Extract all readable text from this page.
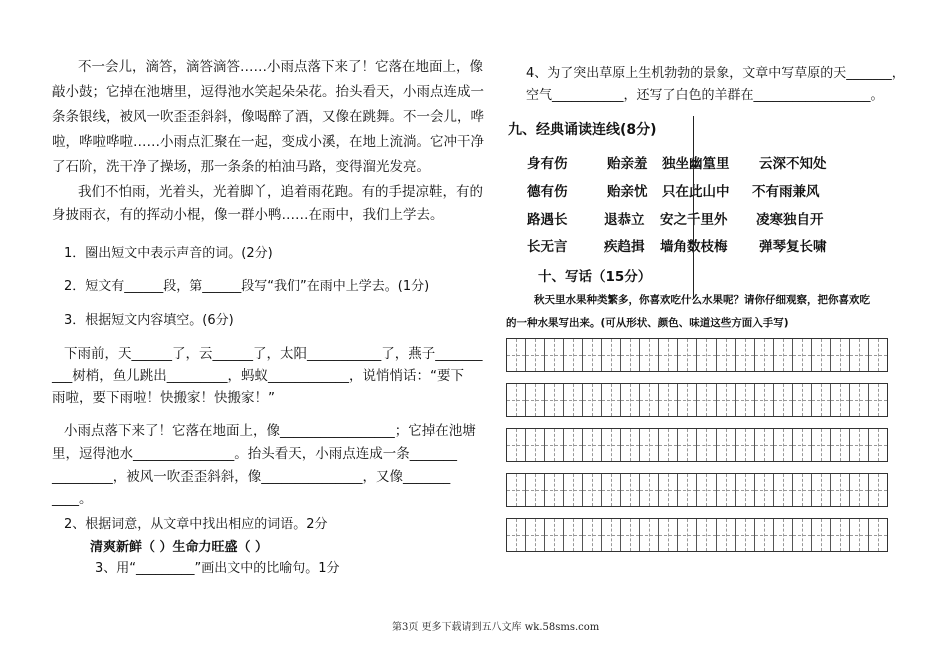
不一会儿，滴答，滴答滴答……小雨点落下来了！它落在地面上，像
敲小鼓；它掉在池塘里，逗得池水笑起朵朵花。抬头看天，小雨点连成一
条条银线，被风一吹歪歪斜斜，像喝醉了酒，又像在跳舞。不一会儿，哗
啦，哗啦哗啦……小雨点汇聚在一起，变成小溪，在地上流淌。它冲干净
了石阶，洗干净了操场，那一条条的柏油马路，变得溜光发亮。
我们不怕雨，光着头，光着脚丫，追着雨花跑。有的手提凉鞋，有的
身披雨衣，有的挥动小棍，像一群小鸭……在雨中，我们上学去。
1．圈出短文中表示声音的词。(2分)
2．短文有______段，第______段写“我们”在雨中上学去。(1分)
3．根据短文内容填空。(6分)
下雨前，天______了，云______了，太阳___________了，燕子_______
___树梢，鱼儿跳出_________，蚂蚁____________，说悄悄话：“要下
雨啦，要下雨啦！快搬家！快搬家！”
小雨点落下来了！它落在地面上，像_________________；它掉在池塘
里，逗得池水_______________。抬头看天，小雨点连成一条_______
_________，被风一吹歪歪斜斜，像_______________，又像_______
____。
2、根据词意，从文章中找出相应的词语。2分
清爽新鲜（ ）生命力旺盛（ ）
3、用“_________”画出文中的比喻句。1分
4、为了突出草原上生机勃勃的景象，文章中写草原的天_______，
空气___________，还写了白色的羊群在__________________。
九、经典诵读连线(8分)
身有伤	贻亲羞 独坐幽篁里 云深不知处
德有伤	贻亲忧 只在此山中 不有雨兼风
路遇长	退恭立 安之千里外 凌寒独自开
长无言	疾趋揖 墙角数枝梅 弹琴复长啸
十、写话（15分）
秋天里水果种类繁多，你喜欢吃什么水果呢？请你仔细观察，把你喜欢吃
的一种水果写出来。(可从形状、颜色、味道这些方面入手写)
第3页 更多下载请到五八文库 wk.58sms.com
